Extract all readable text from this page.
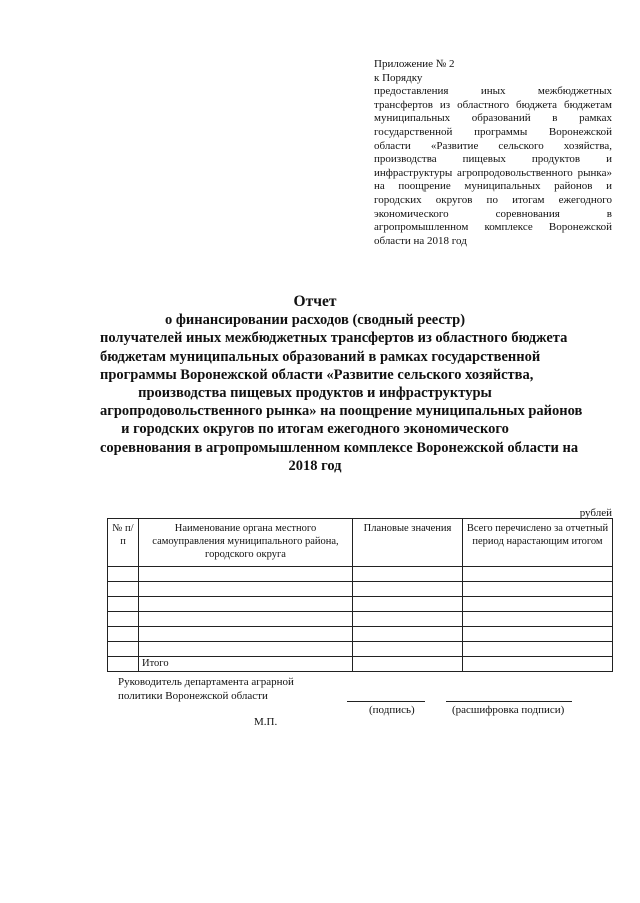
Приложение № 2
к Порядку
предоставления иных межбюджетных трансфертов из областного бюджета бюджетам муниципальных образований в рамках государственной программы Воронежской области «Развитие сельского хозяйства, производства пищевых продуктов и инфраструктуры агропродовольственного рынка» на поощрение муниципальных районов и городских округов по итогам ежегодного экономического соревнования в агропромышленном комплексе Воронежской области на 2018 год
Отчет
о финансировании расходов (сводный реестр)
получателей иных межбюджетных трансфертов из областного бюджета
бюджетам муниципальных образований в рамках государственной
программы Воронежской области «Развитие сельского хозяйства,
производства пищевых продуктов и инфраструктуры
агропродовольственного рынка» на поощрение муниципальных районов
и городских округов по итогам ежегодного экономического
соревнования в агропромышленном комплексе Воронежской области на
2018 год
рублей
№ п/п	Наименование органа местного самоуправления муниципального района, городского округа	Плановые значения	Всего перечислено за отчетный период нарастающим итогом

	Итого		
Руководитель департамента аграрной
политики Воронежской области
(подпись)	(расшифровка подписи)
М.П.
